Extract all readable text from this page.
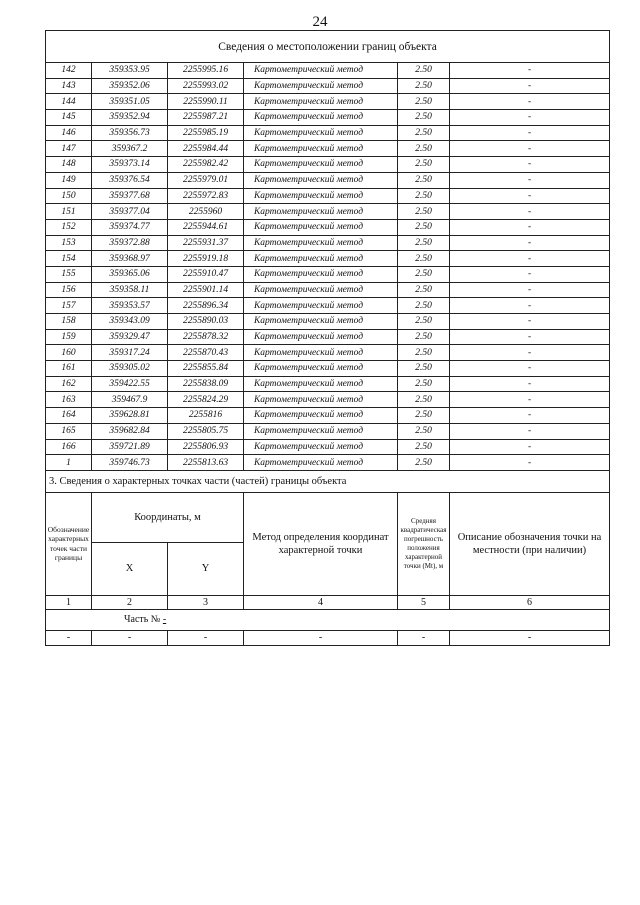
24
Сведения о местоположении границ объекта					
142	359353.95	2255995.16	Картометрический метод	2.50	-
143	359352.06	2255993.02	Картометрический метод	2.50	-
144	359351.05	2255990.11	Картометрический метод	2.50	-
145	359352.94	2255987.21	Картометрический метод	2.50	-
146	359356.73	2255985.19	Картометрический метод	2.50	-
147	359367.2	2255984.44	Картометрический метод	2.50	-
148	359373.14	2255982.42	Картометрический метод	2.50	-
149	359376.54	2255979.01	Картометрический метод	2.50	-
150	359377.68	2255972.83	Картометрический метод	2.50	-
151	359377.04	2255960	Картометрический метод	2.50	-
152	359374.77	2255944.61	Картометрический метод	2.50	-
153	359372.88	2255931.37	Картометрический метод	2.50	-
154	359368.97	2255919.18	Картометрический метод	2.50	-
155	359365.06	2255910.47	Картометрический метод	2.50	-
156	359358.11	2255901.14	Картометрический метод	2.50	-
157	359353.57	2255896.34	Картометрический метод	2.50	-
158	359343.09	2255890.03	Картометрический метод	2.50	-
159	359329.47	2255878.32	Картометрический метод	2.50	-
160	359317.24	2255870.43	Картометрический метод	2.50	-
161	359305.02	2255855.84	Картометрический метод	2.50	-
162	359422.55	2255838.09	Картометрический метод	2.50	-
163	359467.9	2255824.29	Картометрический метод	2.50	-
164	359628.81	2255816	Картометрический метод	2.50	-
165	359682.84	2255805.75	Картометрический метод	2.50	-
166	359721.89	2255806.93	Картометрический метод	2.50	-
1	359746.73	2255813.63	Картометрический метод	2.50	-
3. Сведения о характерных точках части (частей) границы объекта					
Обозначение характерных точек части границы	Координаты, м		Метод определения координат характерной точки	Средняя квадратическая погрешность положения характерной точки (Mt), м	Описание обозначения точки на местности (при наличии)
	X	Y			
1	2	3	4	5	6
Часть № -					
-	-	-	-	-	-
